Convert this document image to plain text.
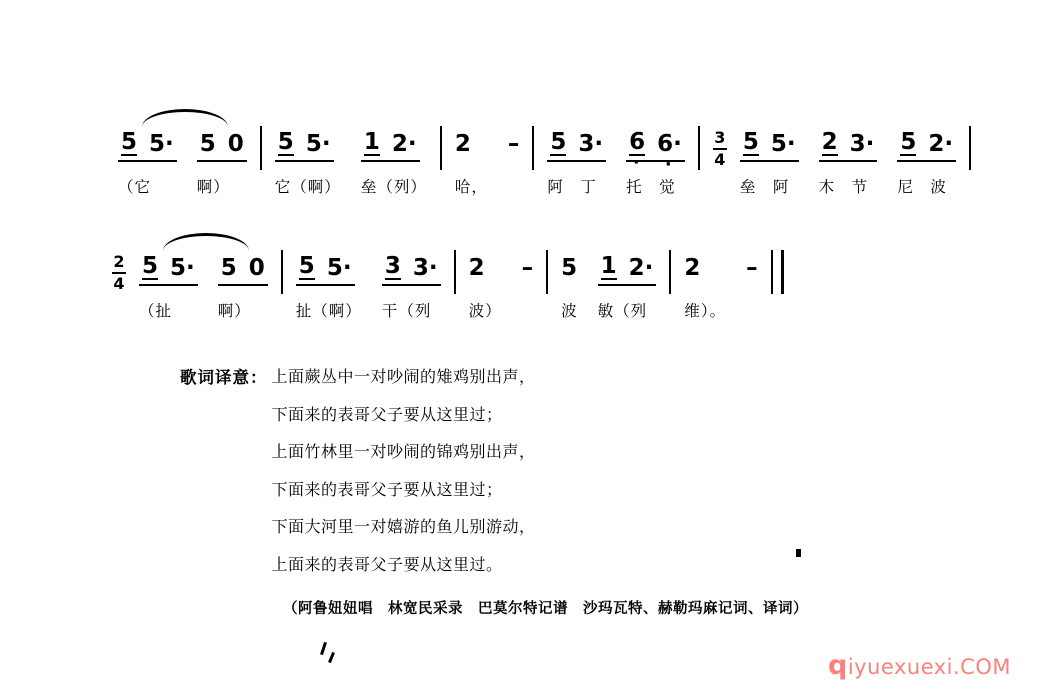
5 5·
（它
5 0
啊）
5 5·
它（啊）
1 2·
垒（列）
2
哈，
– 5 3·
阿　丁
6 · 6· ·
托　觉
$\frac{3}{4} 5$ 5·
垒　阿
2 3·
木　节
5 2·
尼　波
$\frac{2}{4} 5$ 5·
（扯
5 0
啊）
5 5·
扯（啊）
3 3·
干（列
2
波）
– 5
波
1 2·
敏（列
2
维）。
–
歌词译意： 上面蕨丛中一对吵闹的雉鸡别出声，
下面来的表哥父子要从这里过；
上面竹林里一对吵闹的锦鸡别出声，
下面来的表哥父子要从这里过；
下面大河里一对嬉游的鱼儿别游动，
上面来的表哥父子要从这里过。
（阿鲁妞妞唱　林宽民采录　巴莫尔特记谱　沙玛瓦特、赫勒玛麻记词、译词）
qiyuexuexi.COM
